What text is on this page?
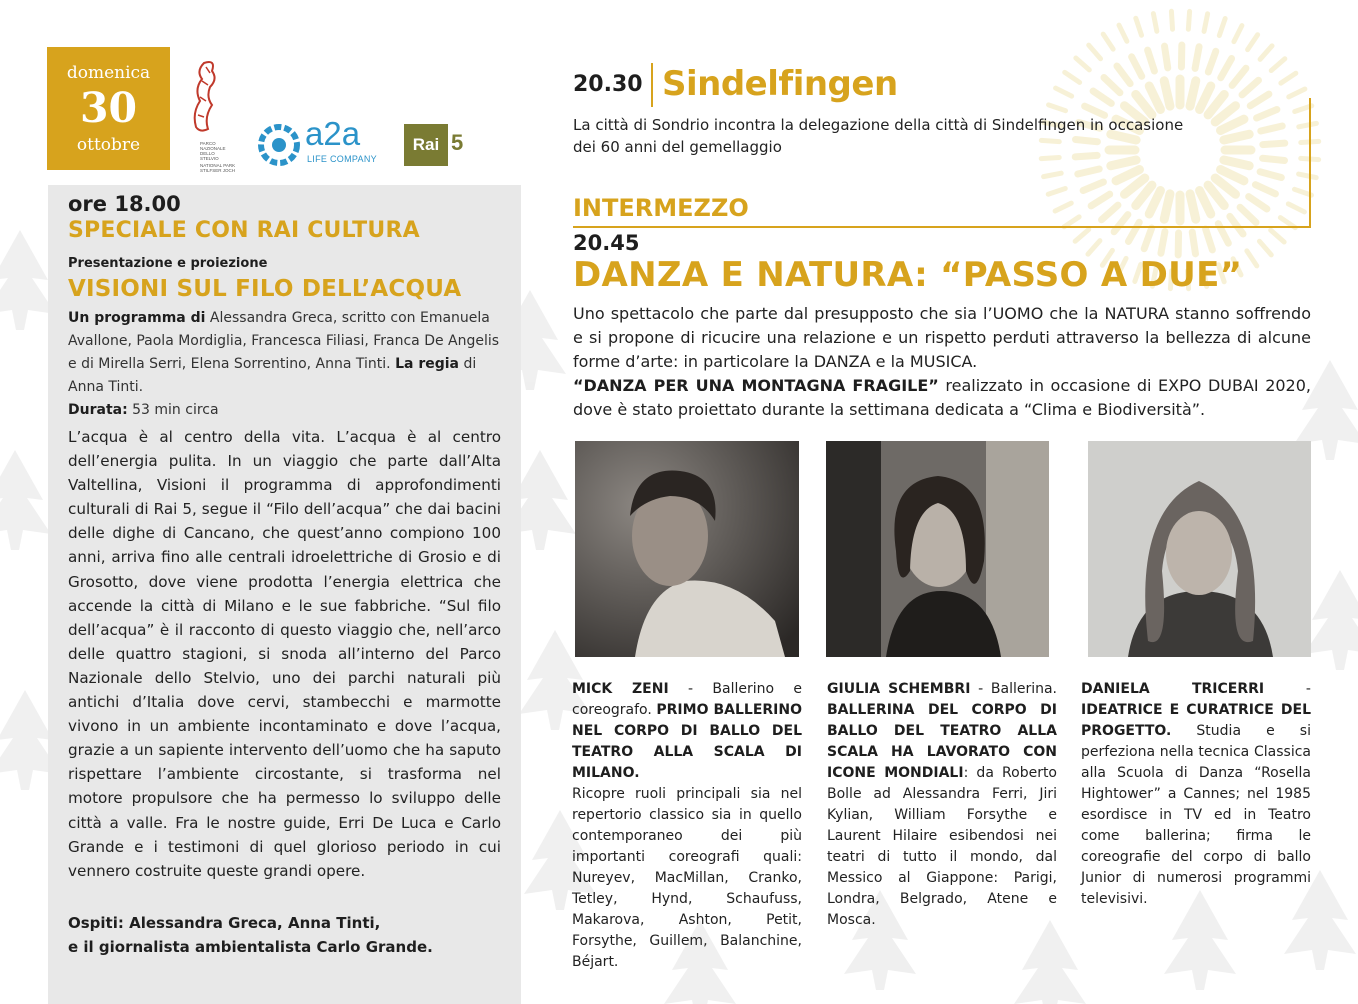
domenica
30
ottobre	PARCO
NAZIONALE
DELLO
STELVIO
NATIONAL PARK
STILFSER JOCH
a2a
LIFE COMPANY
Rai 5
ore 18.00
SPECIALE CON RAI CULTURA
Presentazione e proiezione
VISIONI SUL FILO DELL’ACQUA
Un programma di Alessandra Greca, scritto con Emanuela Avallone, Paola Mordiglia, Francesca Filiasi, Franca De Angelis e di Mirella Serri, Elena Sorrentino, Anna Tinti. La regia di Anna Tinti.
Durata: 53 min circa
L’acqua è al centro della vita. L’acqua è al centro dell’energia pulita. In un viaggio che parte dall’Alta Valtellina, Visioni il programma di approfondimenti culturali di Rai 5, segue il “Filo dell’acqua” che dai bacini delle dighe di Cancano, che quest’anno compiono 100 anni, arriva fino alle centrali idroelettriche di Grosio e di Grosotto, dove viene prodotta l’energia elettrica che accende la città di Milano e le sue fabbriche. “Sul filo dell’acqua” è il racconto di questo viaggio che, nell’arco delle quattro stagioni, si snoda all’interno del Parco Nazionale dello Stelvio, uno dei parchi naturali più antichi d’Italia dove cervi, stambecchi e marmotte vivono in un ambiente incontaminato e dove l’acqua, grazie a un sapiente intervento dell’uomo che ha saputo rispettare l’ambiente circostante, si trasforma nel motore propulsore che ha permesso lo sviluppo delle città a valle. Fra le nostre guide, Erri De Luca e Carlo Grande e i testimoni di quel glorioso periodo in cui vennero costruite queste grandi opere.
Ospiti: Alessandra Greca, Anna Tinti,
e il giornalista ambientalista Carlo Grande.
20.30 Sindelfingen
La città di Sondrio incontra la delegazione della città di Sindelfingen in occasione dei 60 anni del gemellaggio
INTERMEZZO
20.45
DANZA E NATURA: “PASSO A DUE”
Uno spettacolo che parte dal presupposto che sia l’UOMO che la NATURA stanno soffrendo e si propone di ricucire una relazione e un rispetto perduti attraverso la bellezza di alcune forme d’arte: in particolare la DANZA e la MUSICA.
“DANZA PER UNA MONTAGNA FRAGILE” realizzato in occasione di EXPO DUBAI 2020, dove è stato proiettato durante la settimana dedicata a “Clima e Biodiversità”.
MICK ZENI - Ballerino e coreografo. PRIMO BALLERINO NEL CORPO DI BALLO DEL TEATRO ALLA SCALA DI MILANO.
Ricopre ruoli principali sia nel repertorio classico sia in quello contemporaneo dei più importanti coreografi quali: Nureyev, MacMillan, Cranko, Tetley, Hynd, Schaufuss, Makarova, Ashton, Petit, Forsythe, Guillem, Balanchine, Béjart.
GIULIA SCHEMBRI - Ballerina. BALLERINA DEL CORPO DI BALLO DEL TEATRO ALLA SCALA HA LAVORATO CON ICONE MONDIALI: da Roberto Bolle ad Alessandra Ferri, Jiri Kylian, William Forsythe e Laurent Hilaire esibendosi nei teatri di tutto il mondo, dal Messico al Giappone: Parigi, Londra, Belgrado, Atene e Mosca.
DANIELA TRICERRI - IDEATRICE E CURATRICE DEL PROGETTO. Studia e si perfeziona nella tecnica Classica alla Scuola di Danza “Rosella Hightower” a Cannes; nel 1985 esordisce in TV ed in Teatro come ballerina; firma le coreografie del corpo di ballo Junior di numerosi programmi televisivi.
